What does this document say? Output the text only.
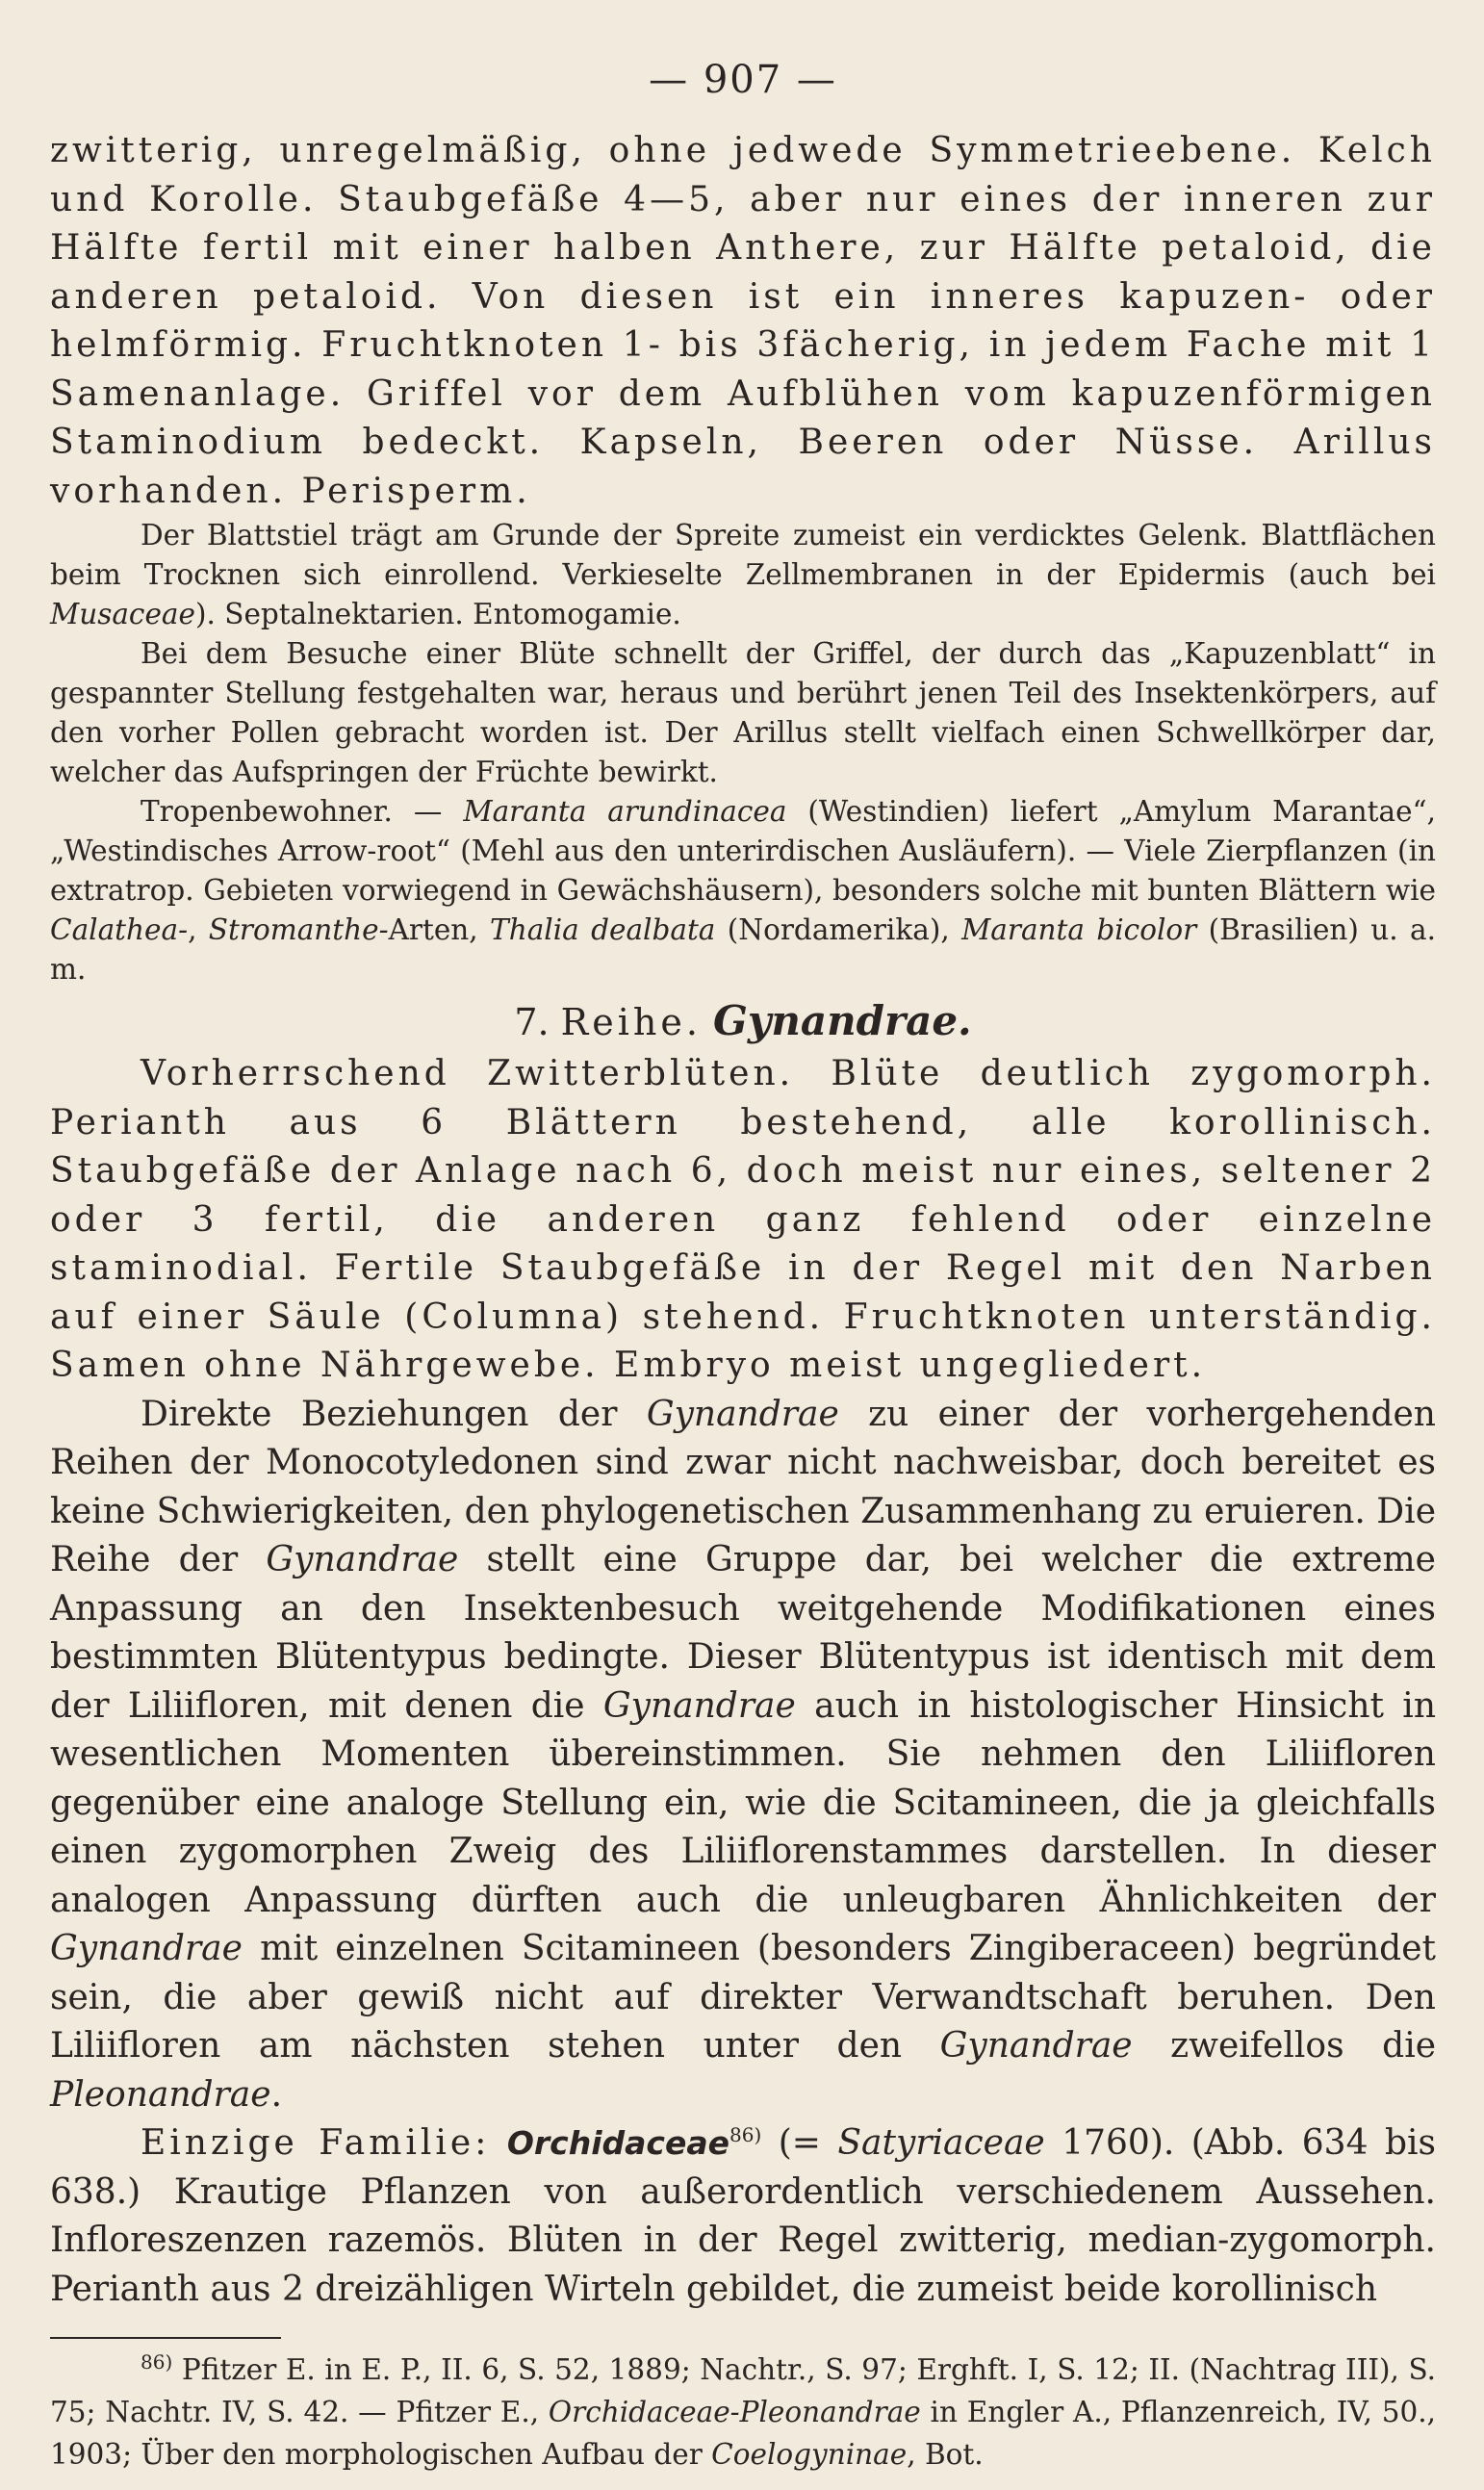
— 907 —

zwitterig, unregelmäßig, ohne jedwede Symmetrieebene. Kelch und Korolle. Staubgefäße 4—5, aber nur eines der inneren zur Hälfte fertil mit einer halben Anthere, zur Hälfte petaloid, die anderen petaloid. Von diesen ist ein inneres kapuzen- oder helmförmig. Fruchtknoten 1- bis 3fächerig, in jedem Fache mit 1 Samenanlage. Griffel vor dem Aufblühen vom kapuzenförmigen Staminodium bedeckt. Kapseln, Beeren oder Nüsse. Arillus vorhanden. Perisperm.

Der Blattstiel trägt am Grunde der Spreite zumeist ein verdicktes Gelenk. Blattflächen beim Trocknen sich einrollend. Verkieselte Zellmembranen in der Epidermis (auch bei Musaceae). Septalnektarien. Entomogamie.

Bei dem Besuche einer Blüte schnellt der Griffel, der durch das „Kapuzenblatt“ in gespannter Stellung festgehalten war, heraus und berührt jenen Teil des Insektenkörpers, auf den vorher Pollen gebracht worden ist. Der Arillus stellt vielfach einen Schwellkörper dar, welcher das Aufspringen der Früchte bewirkt.

Tropenbewohner. — Maranta arundinacea (Westindien) liefert „Amylum Marantae“, „Westindisches Arrow-root“ (Mehl aus den unterirdischen Ausläufern). — Viele Zierpflanzen (in extratrop. Gebieten vorwiegend in Gewächshäusern), besonders solche mit bunten Blättern wie Calathea-, Stromanthe-Arten, Thalia dealbata (Nordamerika), Maranta bicolor (Brasilien) u. a. m.

7. Reihe. Gynandrae.

Vorherrschend Zwitterblüten. Blüte deutlich zygomorph. Perianth aus 6 Blättern bestehend, alle korollinisch. Staubgefäße der Anlage nach 6, doch meist nur eines, seltener 2 oder 3 fertil, die anderen ganz fehlend oder einzelne staminodial. Fertile Staubgefäße in der Regel mit den Narben auf einer Säule (Columna) stehend. Fruchtknoten unterständig. Samen ohne Nährgewebe. Embryo meist ungegliedert.

Direkte Beziehungen der Gynandrae zu einer der vorhergehenden Reihen der Monocotyledonen sind zwar nicht nachweisbar, doch bereitet es keine Schwierigkeiten, den phylogenetischen Zusammenhang zu eruieren. Die Reihe der Gynandrae stellt eine Gruppe dar, bei welcher die extreme Anpassung an den Insektenbesuch weitgehende Modifikationen eines bestimmten Blütentypus bedingte. Dieser Blütentypus ist identisch mit dem der Liliifloren, mit denen die Gynandrae auch in histologischer Hinsicht in wesentlichen Momenten übereinstimmen. Sie nehmen den Liliifloren gegenüber eine analoge Stellung ein, wie die Scitamineen, die ja gleichfalls einen zygomorphen Zweig des Liliiflorenstammes darstellen. In dieser analogen Anpassung dürften auch die unleugbaren Ähnlichkeiten der Gynandrae mit einzelnen Scitamineen (besonders Zingiberaceen) begründet sein, die aber gewiß nicht auf direkter Verwandtschaft beruhen. Den Liliifloren am nächsten stehen unter den Gynandrae zweifellos die Pleonandrae.

Einzige Familie: Orchidaceae$^{86)}$ (= Satyriaceae 1760). (Abb. 634 bis 638.) Krautige Pflanzen von außerordentlich verschiedenem Aussehen. Infloreszenzen razemös. Blüten in der Regel zwitterig, median-zygomorph. Perianth aus 2 dreizähligen Wirteln gebildet, die zumeist beide korollinisch

$^{86)}$ Pfitzer E. in E. P., II. 6, S. 52, 1889; Nachtr., S. 97; Erghft. I, S. 12; II. (Nachtrag III), S. 75; Nachtr. IV, S. 42. — Pfitzer E., Orchidaceae-Pleonandrae in Engler A., Pflanzenreich, IV, 50., 1903; Über den morphologischen Aufbau der Coelogyninae, Bot.
